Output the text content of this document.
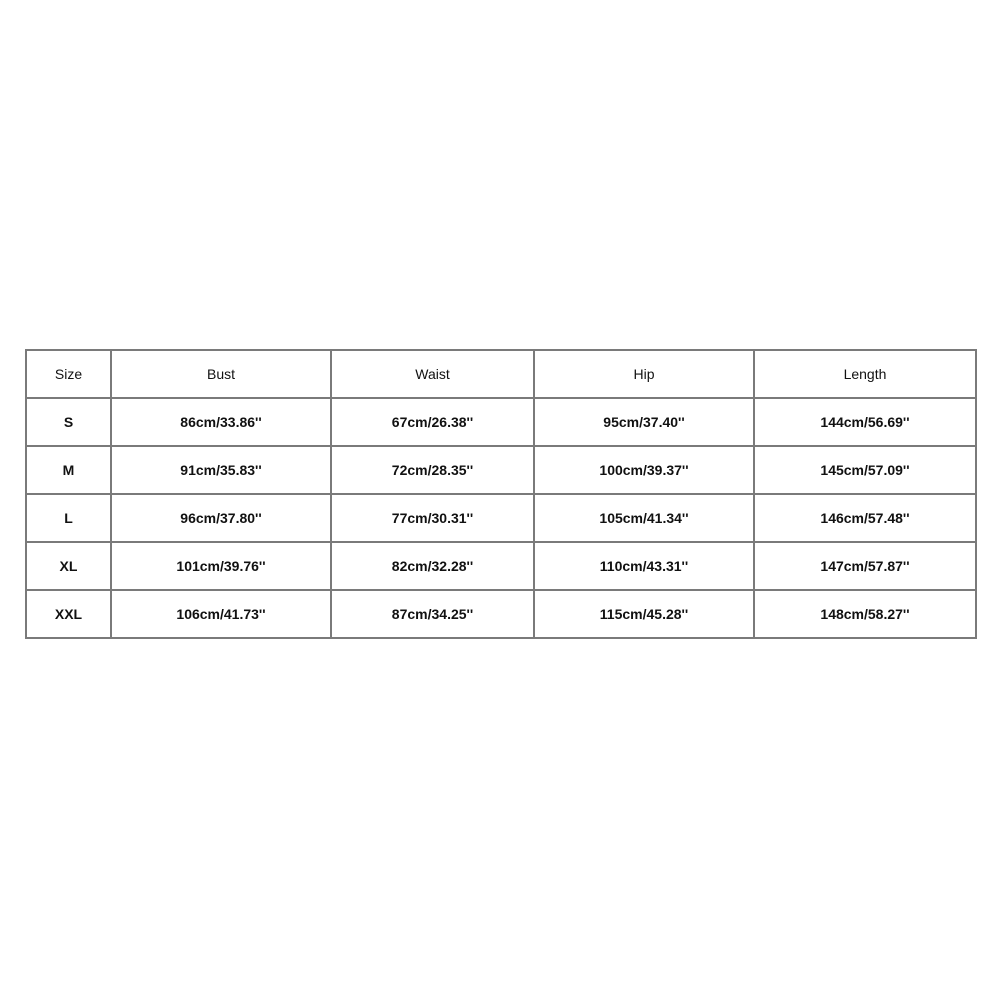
Size	Bust	Waist	Hip	Length
S	86cm/33.86''	67cm/26.38''	95cm/37.40''	144cm/56.69''
M	91cm/35.83''	72cm/28.35''	100cm/39.37''	145cm/57.09''
L	96cm/37.80''	77cm/30.31''	105cm/41.34''	146cm/57.48''
XL	101cm/39.76''	82cm/32.28''	110cm/43.31''	147cm/57.87''
XXL	106cm/41.73''	87cm/34.25''	115cm/45.28''	148cm/58.27''
